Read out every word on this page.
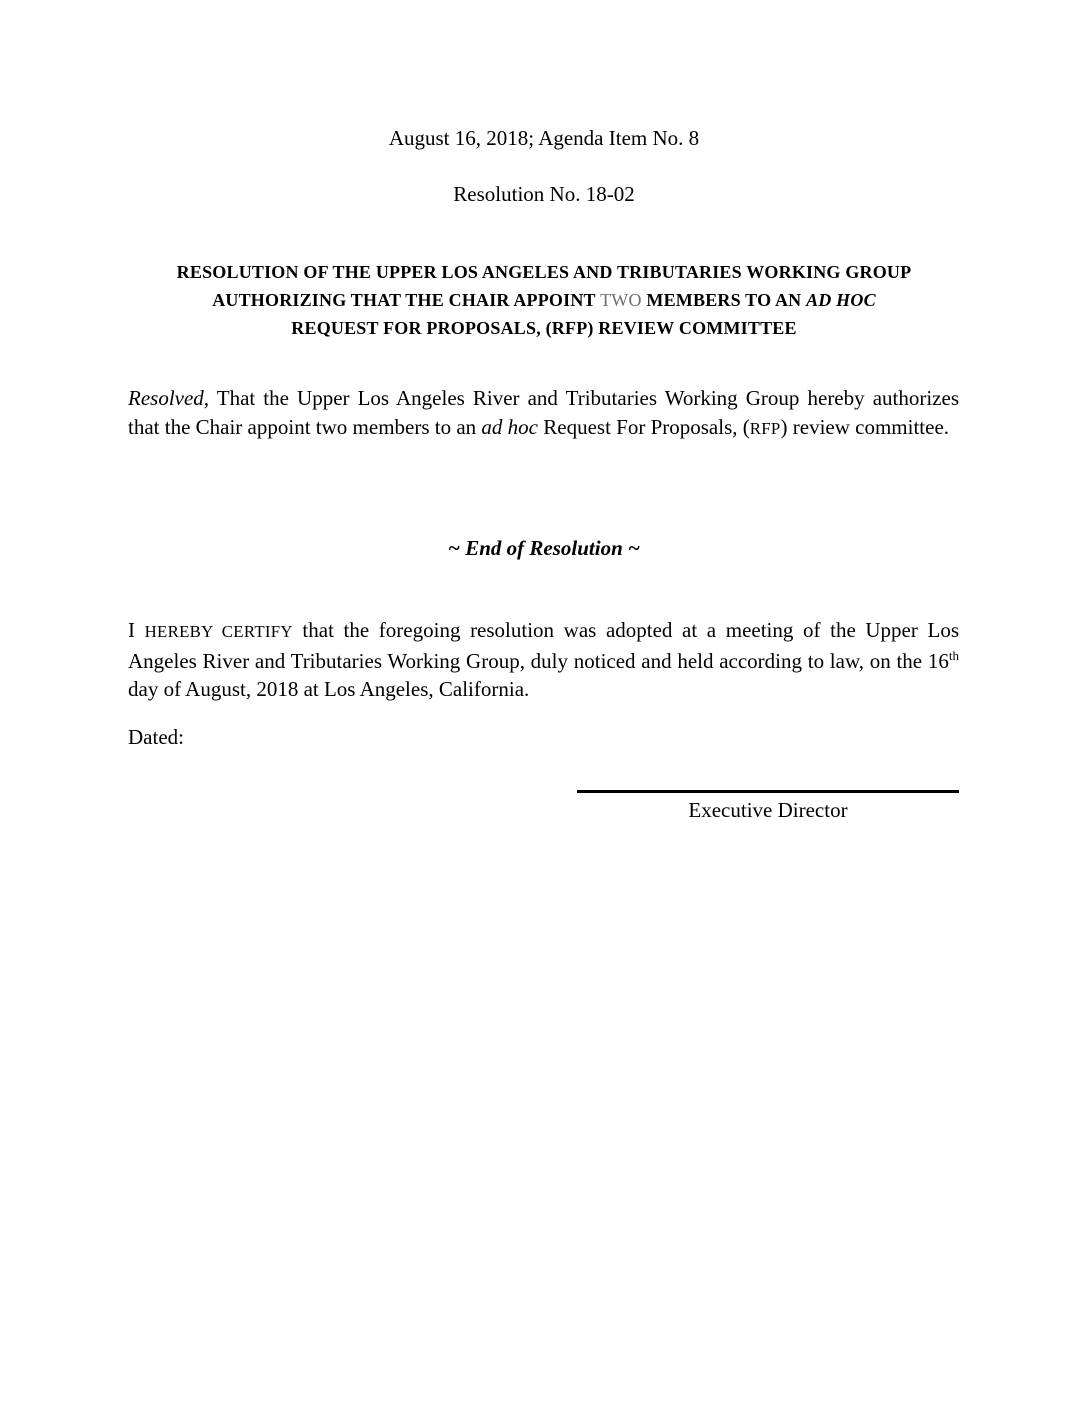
August 16, 2018; Agenda Item No. 8
Resolution No. 18-02
RESOLUTION OF THE UPPER LOS ANGELES AND TRIBUTARIES WORKING GROUP
AUTHORIZING THAT THE CHAIR APPOINT TWO MEMBERS TO AN AD HOC
REQUEST FOR PROPOSALS, (RFP) REVIEW COMMITTEE
Resolved, That the Upper Los Angeles River and Tributaries Working Group hereby authorizes that the Chair appoint two members to an ad hoc Request For Proposals, (RFP) review committee.
~ End of Resolution ~
I HEREBY CERTIFY that the foregoing resolution was adopted at a meeting of the Upper Los Angeles River and Tributaries Working Group, duly noticed and held according to law, on the 16th day of August, 2018 at Los Angeles, California.
Dated:
Executive Director
